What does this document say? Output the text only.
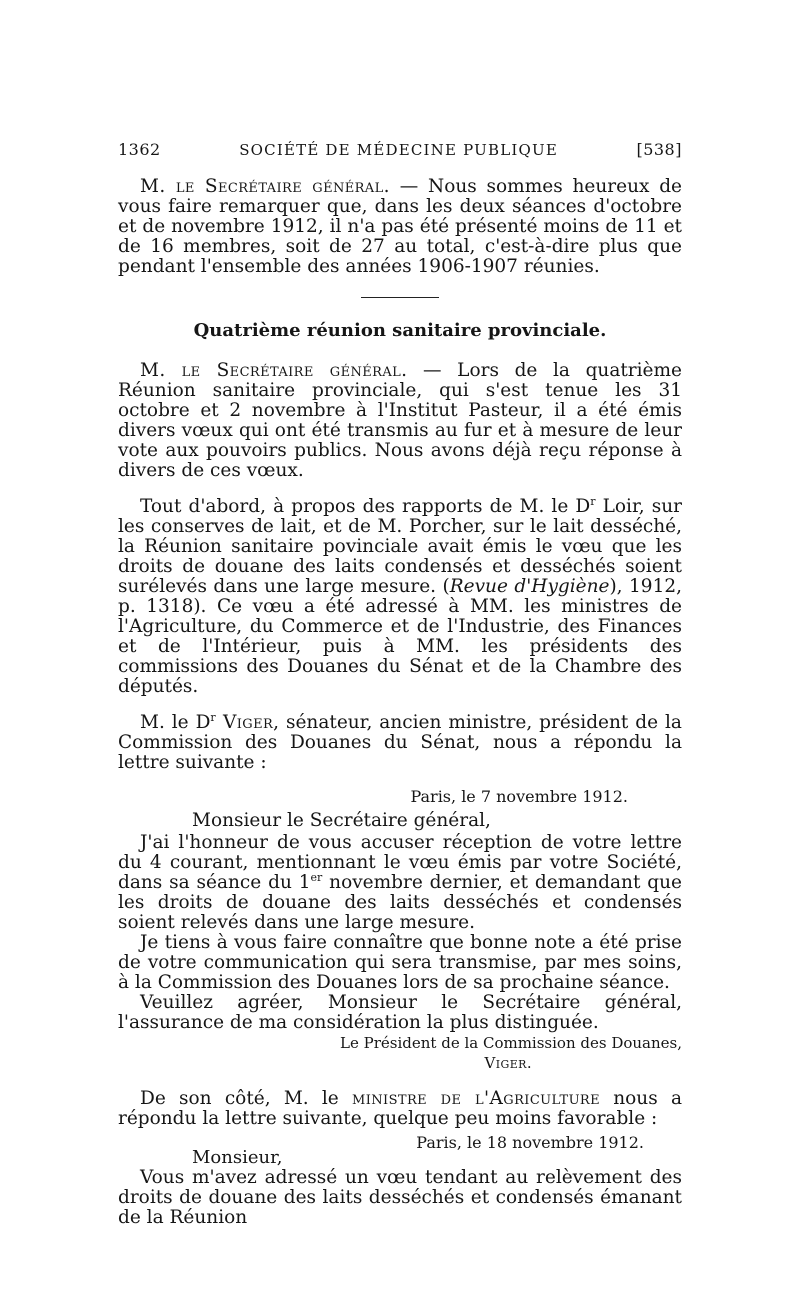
1362	SOCIÉTÉ DE MÉDECINE PUBLIQUE	[538]

M. le Secrétaire général. — Nous sommes heureux de vous faire remarquer que, dans les deux séances d'octobre et de novembre 1912, il n'a pas été présenté moins de 11 et de 16 membres, soit de 27 au total, c'est-à-dire plus que pendant l'ensemble des années 1906-1907 réunies.

Quatrième réunion sanitaire provinciale.

M. le Secrétaire général. — Lors de la quatrième Réunion sanitaire provinciale, qui s'est tenue les 31 octobre et 2 novembre à l'Institut Pasteur, il a été émis divers vœux qui ont été transmis au fur et à mesure de leur vote aux pouvoirs publics. Nous avons déjà reçu réponse à divers de ces vœux.

Tout d'abord, à propos des rapports de M. le $D^r$ Loir, sur les conserves de lait, et de M. Porcher, sur le lait desséché, la Réunion sanitaire povinciale avait émis le vœu que les droits de douane des laits condensés et desséchés soient surélevés dans une large mesure. (Revue d'Hygiène), 1912, p. 1318). Ce vœu a été adressé à MM. les ministres de l'Agriculture, du Commerce et de l'Industrie, des Finances et de l'Intérieur, puis à MM. les présidents des commissions des Douanes du Sénat et de la Chambre des députés.

M. le $D^r$ Viger, sénateur, ancien ministre, président de la Commission des Douanes du Sénat, nous a répondu la lettre suivante :

Paris, le 7 novembre 1912.

Monsieur le Secrétaire général,

J'ai l'honneur de vous accuser réception de votre lettre du 4 courant, mentionnant le vœu émis par votre Société, dans sa séance du 1er novembre dernier, et demandant que les droits de douane des laits desséchés et condensés soient relevés dans une large mesure.

Je tiens à vous faire connaître que bonne note a été prise de votre communication qui sera transmise, par mes soins, à la Commission des Douanes lors de sa prochaine séance.

Veuillez agréer, Monsieur le Secrétaire général, l'assurance de ma considération la plus distinguée.

Le Président de la Commission des Douanes,

Viger.

De son côté, M. le ministre de l'Agriculture nous a répondu la lettre suivante, quelque peu moins favorable :

Monsieur,
Paris, le 18 novembre 1912.

Vous m'avez adressé un vœu tendant au relèvement des droits de douane des laits desséchés et condensés émanant de la Réunion
